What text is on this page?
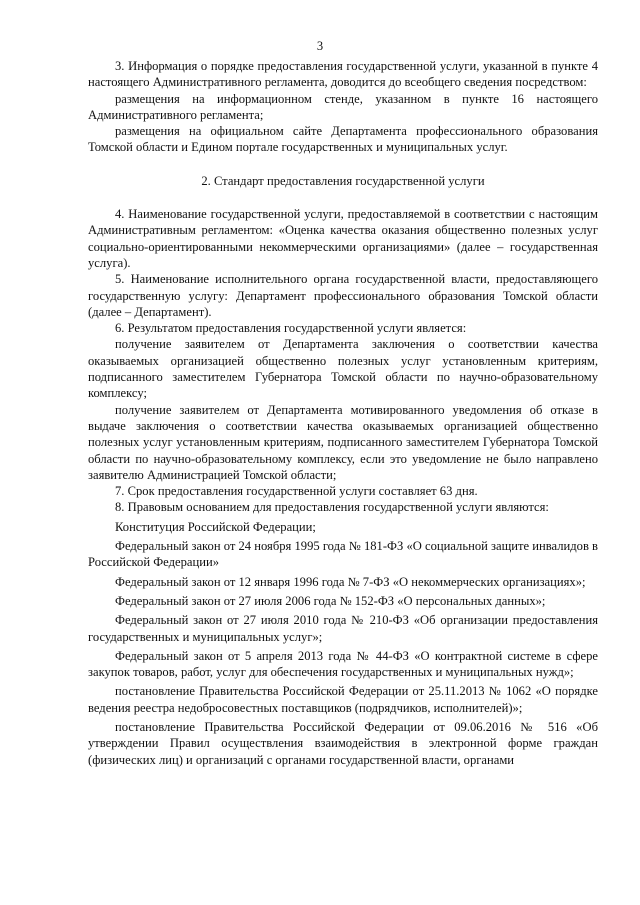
3

3. Информация о порядке предоставления государственной услуги, указанной в пункте 4 настоящего Административного регламента, доводится до всеобщего сведения посредством:

размещения на информационном стенде, указанном в пункте 16 настоящего Административного регламента;

размещения на официальном сайте Департамента профессионального образования Томской области и Едином портале государственных и муниципальных услуг.

2. Стандарт предоставления государственной услуги

4. Наименование государственной услуги, предоставляемой в соответствии с настоящим Административным регламентом: «Оценка качества оказания общественно полезных услуг социально-ориентированными некоммерческими организациями» (далее – государственная услуга).

5. Наименование исполнительного органа государственной власти, предоставляющего государственную услугу: Департамент профессионального образования Томской области (далее – Департамент).

6. Результатом предоставления государственной услуги является:

получение заявителем от Департамента заключения о соответствии качества оказываемых организацией общественно полезных услуг установленным критериям, подписанного заместителем Губернатора Томской области по научно-образовательному комплексу;

получение заявителем от Департамента мотивированного уведомления об отказе в выдаче заключения о соответствии качества оказываемых организацией общественно полезных услуг установленным критериям, подписанного заместителем Губернатора Томской области по научно-образовательному комплексу, если это уведомление не было направлено заявителю Администрацией Томской области;

7. Срок предоставления государственной услуги составляет 63 дня.

8. Правовым основанием для предоставления государственной услуги являются:

Конституция Российской Федерации;

Федеральный закон от 24 ноября 1995 года № 181-ФЗ «О социальной защите инвалидов в Российской Федерации»

Федеральный закон от 12 января 1996 года № 7-ФЗ «О некоммерческих организациях»;

Федеральный закон от 27 июля 2006 года № 152-ФЗ «О персональных данных»;

Федеральный закон от 27 июля 2010 года № 210-ФЗ «Об организации предоставления государственных и муниципальных услуг»;

Федеральный закон от 5 апреля 2013 года № 44-ФЗ «О контрактной системе в сфере закупок товаров, работ, услуг для обеспечения государственных и муниципальных нужд»;

постановление Правительства Российской Федерации от 25.11.2013 № 1062 «О порядке ведения реестра недобросовестных поставщиков (подрядчиков, исполнителей)»;

постановление Правительства Российской Федерации от 09.06.2016 № 516 «Об утверждении Правил осуществления взаимодействия в электронной форме граждан (физических лиц) и организаций с органами государственной власти, органами
